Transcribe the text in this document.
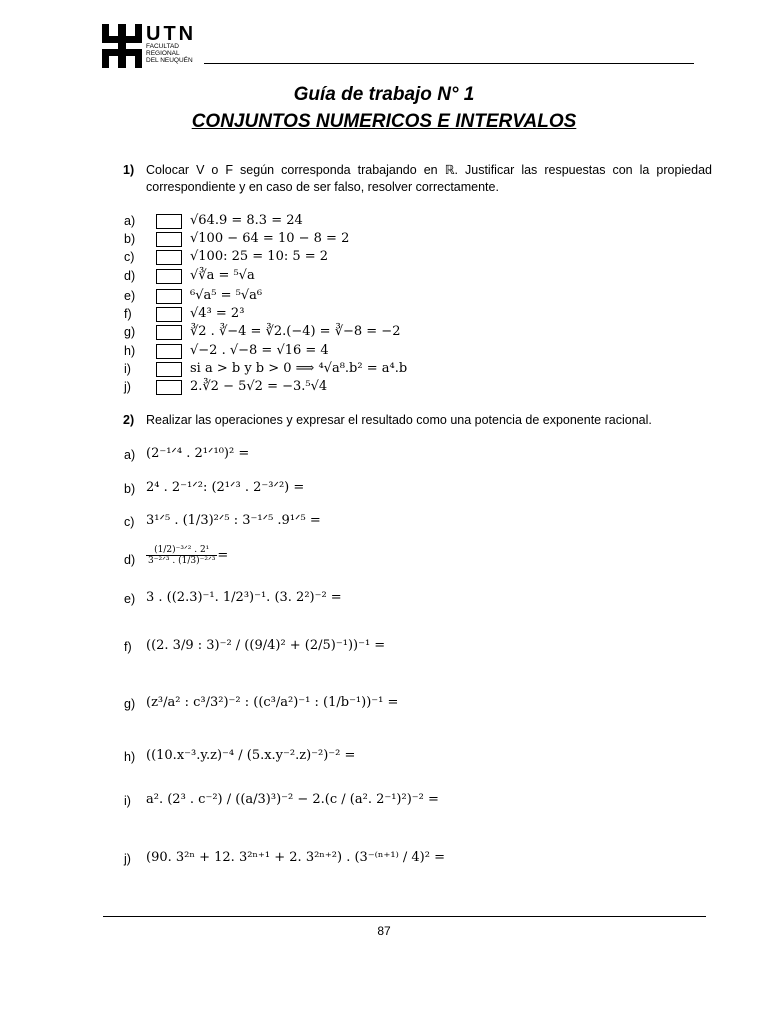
UTN
FACULTAD
REGIONAL
DEL NEUQUÉN
Guía de trabajo N° 1
CONJUNTOS NUMERICOS E INTERVALOS
1) Colocar V o F según corresponda trabajando en ℝ. Justificar las respuestas con la propiedad correspondiente y en caso de ser falso, resolver correctamente.
a)	√64.9 = 8.3 = 24
b)	√100 − 64 = 10 − 8 = 2
c)	√100: 25 = 10: 5 = 2
d)	√∛a = ⁵√a
e)	⁶√a⁵ = ⁵√a⁶
f)	√4³ = 2³
g)	∛2 . ∛−4 = ∛2.(−4) = ∛−8 = −2
h)	√−2 . √−8 = √16 = 4
i)	si a > b y b > 0 ⟹ ⁴√a⁸.b² = a⁴.b
j)	2.∛2 − 5√2 = −3.⁵√4
2) Realizar las operaciones y expresar el resultado como una potencia de exponente racional.
a) (2⁻¹ᐟ⁴ . 2¹ᐟ¹⁰)² =
b) 2⁴ . 2⁻¹ᐟ²: (2¹ᐟ³ . 2⁻³ᐟ²) =
c) 3¹ᐟ⁵ . (1/3)²ᐟ⁵ : 3⁻¹ᐟ⁵ .9¹ᐟ⁵ =
$d) \frac{\text{(1/2)⁻³ᐟ² . 2¹}}{\text{3⁻²ᐟ³ . (1/3)⁻²ᐟ³}}$ =
e) 3 . ((2.3)⁻¹. 1/2³)⁻¹. (3. 2²)⁻² =
f) ((2. 3/9 : 3)⁻² / ((9/4)² + (2/5)⁻¹))⁻¹ =
g) (z³/a² : c³/3²)⁻² : ((c³/a²)⁻¹ : (1/b⁻¹))⁻¹ =
h) ((10.x⁻³.y.z)⁻⁴ / (5.x.y⁻².z)⁻²)⁻² =
i) a². (2³ . c⁻²) / ((a/3)³)⁻² − 2.(c / (a². 2⁻¹)²)⁻² =
j) (90. 3²ⁿ + 12. 3²ⁿ⁺¹ + 2. 3²ⁿ⁺²) . (3⁻⁽ⁿ⁺¹⁾ / 4)² =
87
